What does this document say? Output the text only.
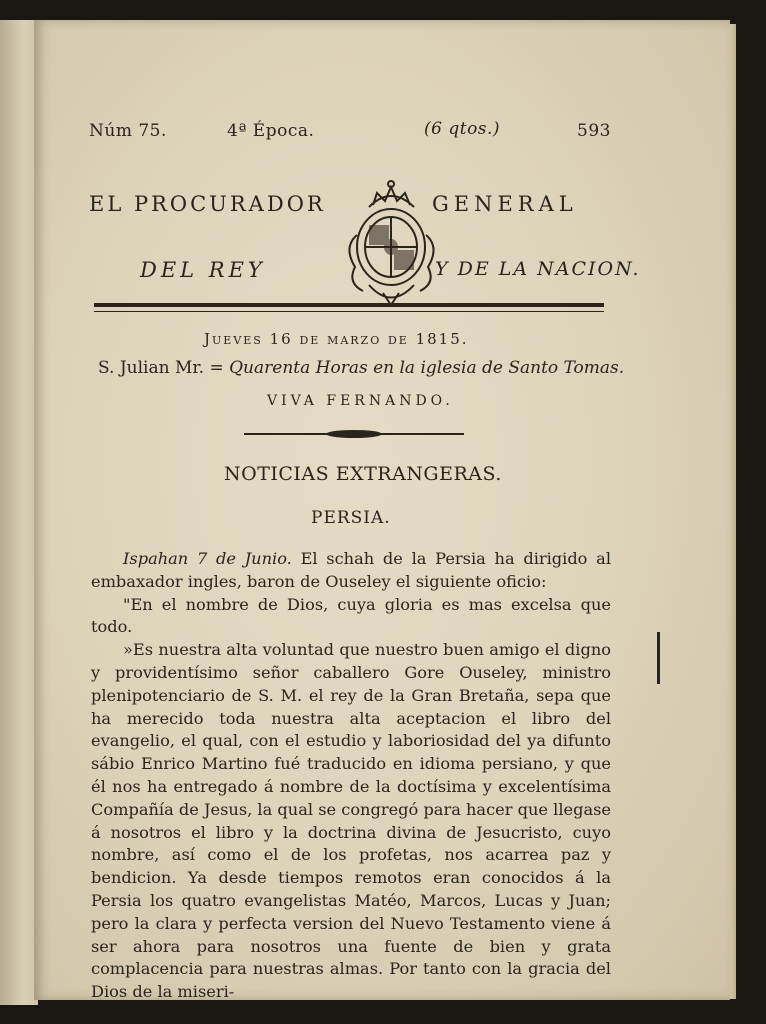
Núm 75.	4ª Época.	(6 qtos.)	593
EL PROCURADOR	GENERAL
DEL REY	Y DE LA NACION.
Jueves 16 de marzo de 1815.
S. Julian Mr. = Quarenta Horas en la iglesia de Santo Tomas.
VIVA FERNANDO.
NOTICIAS EXTRANGERAS.
PERSIA.

Ispahan 7 de Junio. El schah de la Persia ha dirigido al embaxador ingles, baron de Ouseley el siguiente oficio:

"En el nombre de Dios, cuya gloria es mas excelsa que todo.

»Es nuestra alta voluntad que nuestro buen amigo el digno y providentísimo señor caballero Gore Ouseley, ministro plenipotenciario de S. M. el rey de la Gran Bretaña, sepa que ha merecido toda nuestra alta aceptacion el libro del evangelio, el qual, con el estudio y laboriosidad del ya difunto sábio Enrico Martino fué traducido en idioma persiano, y que él nos ha entregado á nombre de la doctísima y excelentísima Compañía de Jesus, la qual se congregó para hacer que llegase á nosotros el libro y la doctrina divina de Jesucristo, cuyo nombre, así como el de los profetas, nos acarrea paz y bendicion. Ya desde tiempos remotos eran conocidos á la Persia los quatro evangelistas Matéo, Marcos, Lucas y Juan; pero la clara y perfecta version del Nuevo Testamento viene á ser ahora para nosotros una fuente de bien y grata complacencia para nuestras almas. Por tanto con la gracia del Dios de la miseri-
